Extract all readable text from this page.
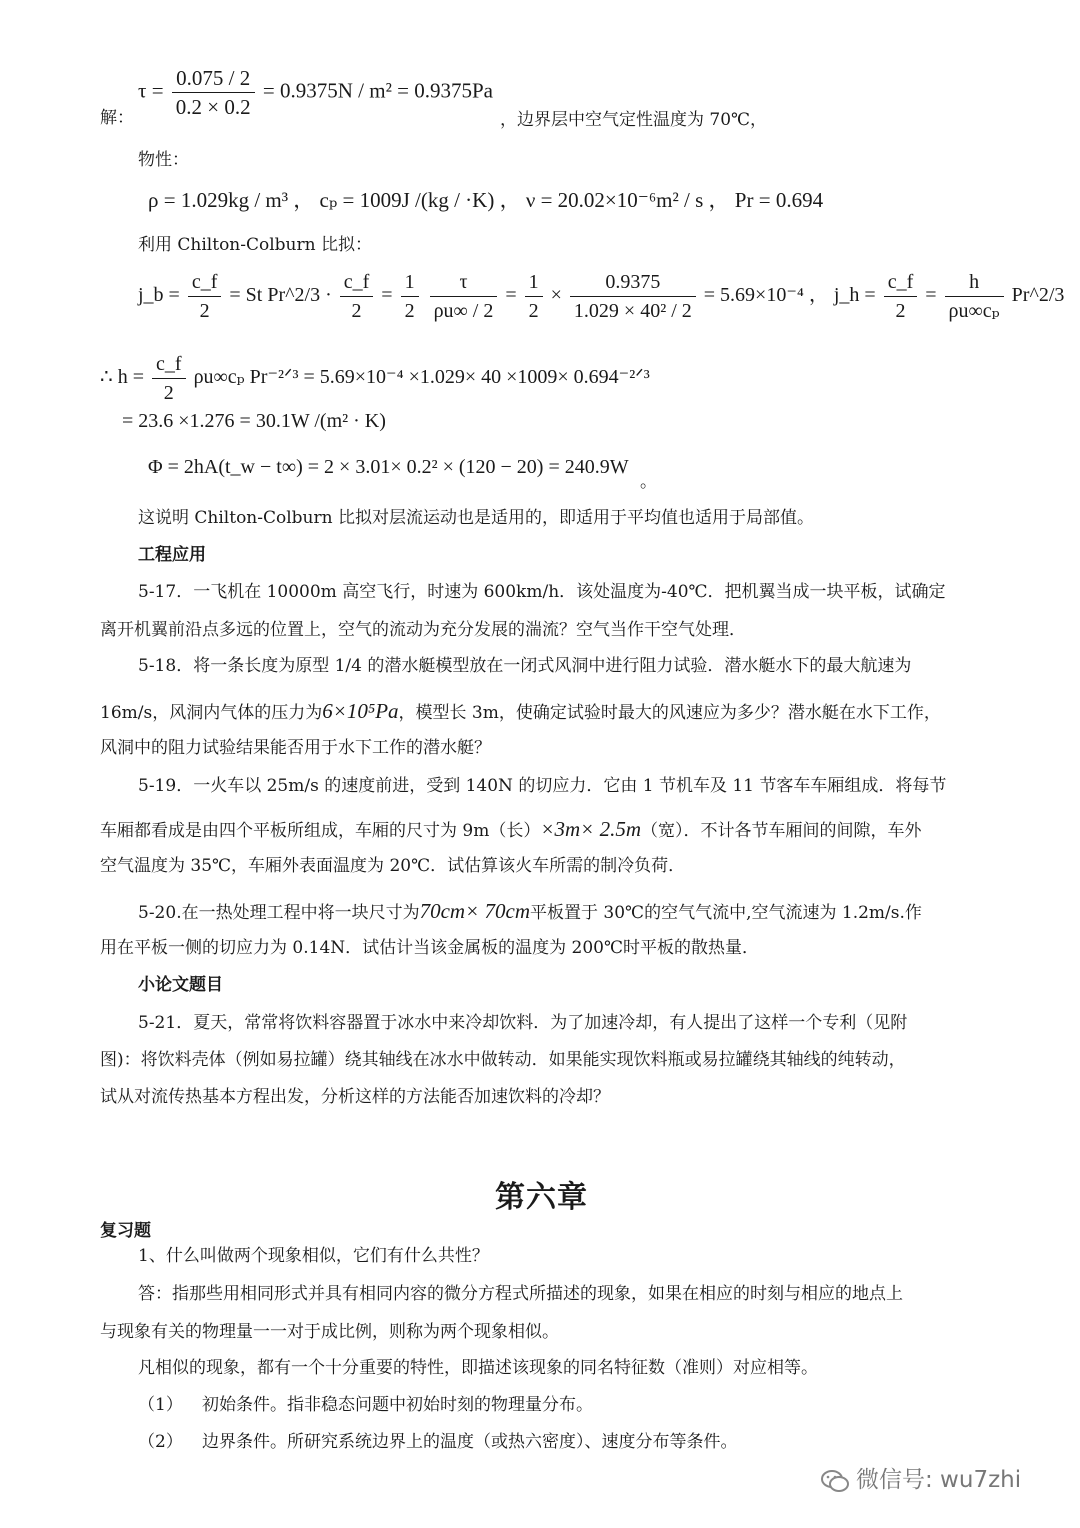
解：
$\tau = \frac{0.075 / 2}{0.2 \times 0.2} = 0.9375N / m^2 = 0.9375Pa$
，边界层中空气定性温度为 70℃，
物性：
ρ = 1.029kg / m³ ， cₚ = 1009J /(kg / ·K) ， ν = 20.02×10⁻⁶m² / s ， Pr = 0.694
利用 Chilton-Colburn 比拟：
j_b = $\frac{c\_f}{2} = St$ Pr^2/3 · $\frac{c\_f}{2} = \frac{1}{2}$
$\frac{\tau}{\rho u\infty / 2} = \frac{1}{2} \times \frac{0.9375}{\text{1.029 × 40² / 2}} = 5.69\times 10^{-4}$ ， j_h = $\frac{c\_f}{2} = \frac{h}{\text{ρu∞cₚ}}$ Pr^2/3
∴ $h = \frac{c\_f}{2} \rho u\infty c_p$ Pr⁻²ᐟ³ = 5.69×10⁻⁴ ×1.029× 40 ×1009× 0.694⁻²ᐟ³
= 23.6 ×1.276 = 30.1W /(m² · K)
Φ = 2hA(t_w − t∞) = 2 × 3.01× 0.2² × (120 − 20) = 240.9W
。
这说明 Chilton-Colburn 比拟对层流运动也是适用的，即适用于平均值也适用于局部值。
工程应用
5-17．一飞机在 10000m 高空飞行，时速为 600km/h．该处温度为-40℃．把机翼当成一块平板，试确定
离开机翼前沿点多远的位置上，空气的流动为充分发展的湍流？空气当作干空气处理．
5-18．将一条长度为原型 1/4 的潜水艇模型放在一闭式风洞中进行阻力试验．潜水艇水下的最大航速为
16m/s，风洞内气体的压力为6×10⁵Pa，模型长 3m，使确定试验时最大的风速应为多少？潜水艇在水下工作，
风洞中的阻力试验结果能否用于水下工作的潜水艇？
5-19．一火车以 25m/s 的速度前进，受到 140N 的切应力．它由 1 节机车及 11 节客车车厢组成．将每节
车厢都看成是由四个平板所组成，车厢的尺寸为 9m（长）×3m× 2.5m（宽）．不计各节车厢间的间隙，车外
空气温度为 35℃，车厢外表面温度为 20℃．试估算该火车所需的制冷负荷．
5-20.在一热处理工程中将一块尺寸为70cm× 70cm平板置于 30℃的空气气流中,空气流速为 1.2m/s.作
用在平板一侧的切应力为 0.14N．试估计当该金属板的温度为 200℃时平板的散热量．
小论文题目
5-21．夏天，常常将饮料容器置于冰水中来冷却饮料．为了加速冷却，有人提出了这样一个专利（见附
图)：将饮料壳体（例如易拉罐）绕其轴线在冰水中做转动．如果能实现饮料瓶或易拉罐绕其轴线的纯转动，
试从对流传热基本方程出发，分析这样的方法能否加速饮料的冷却？
第六章
复习题
1、什么叫做两个现象相似，它们有什么共性？
答：指那些用相同形式并具有相同内容的微分方程式所描述的现象，如果在相应的时刻与相应的地点上
与现象有关的物理量一一对于成比例，则称为两个现象相似。
凡相似的现象，都有一个十分重要的特性，即描述该现象的同名特征数（准则）对应相等。
（1） 初始条件。指非稳态问题中初始时刻的物理量分布。
（2） 边界条件。所研究系统边界上的温度（或热六密度）、速度分布等条件。
微信号: wu7zhi
